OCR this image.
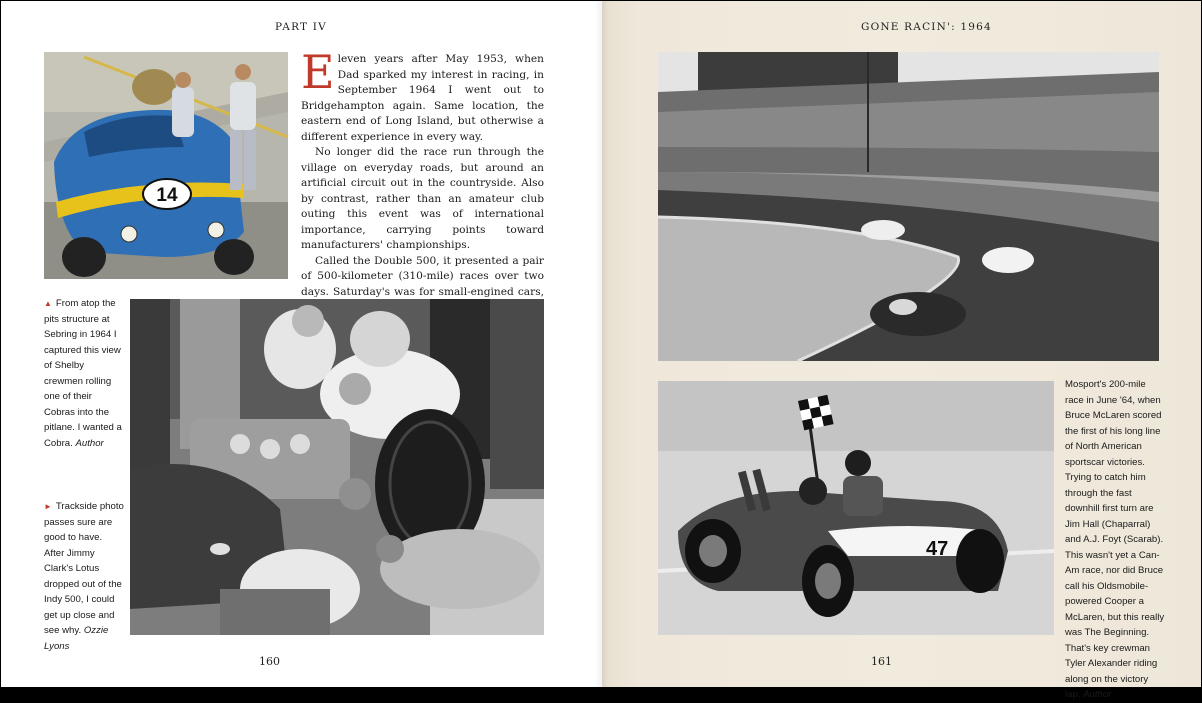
PART IV
14

Eleven years after May 1953, when Dad sparked my interest in racing, in September 1964 I went out to Bridgehampton again. Same location, the eastern end of Long Island, but otherwise a different experience in every way.

No longer did the race run through the village on everyday roads, but around an artificial circuit out in the countryside. Also by contrast, rather than an amateur club outing this event was of international importance, carrying points toward manufacturers' championships.

Called the Double 500, it presented a pair of 500-kilometer (310-mile) races over two days. Saturday's was for small-engined cars,

▲ From atop the pits structure at Sebring in 1964 I captured this view of Shelby crewmen rolling one of their Cobras into the pitlane. I wanted a Cobra. Author
► Trackside photo passes sure are good to have. After Jimmy Clark's Lotus dropped out of the Indy 500, I could get up close and see why. Ozzie Lyons
160
GONE RACIN': 1964
47
Mosport's 200-mile race in June '64, when Bruce McLaren scored the first of his long line of North American sportscar victories. Trying to catch him through the fast downhill first turn are Jim Hall (Chaparral) and A.J. Foyt (Scarab). This wasn't yet a Can-Am race, nor did Bruce call his Oldsmobile-powered Cooper a McLaren, but this really was The Beginning. That's key crewman Tyler Alexander riding along on the victory lap. Author
161
